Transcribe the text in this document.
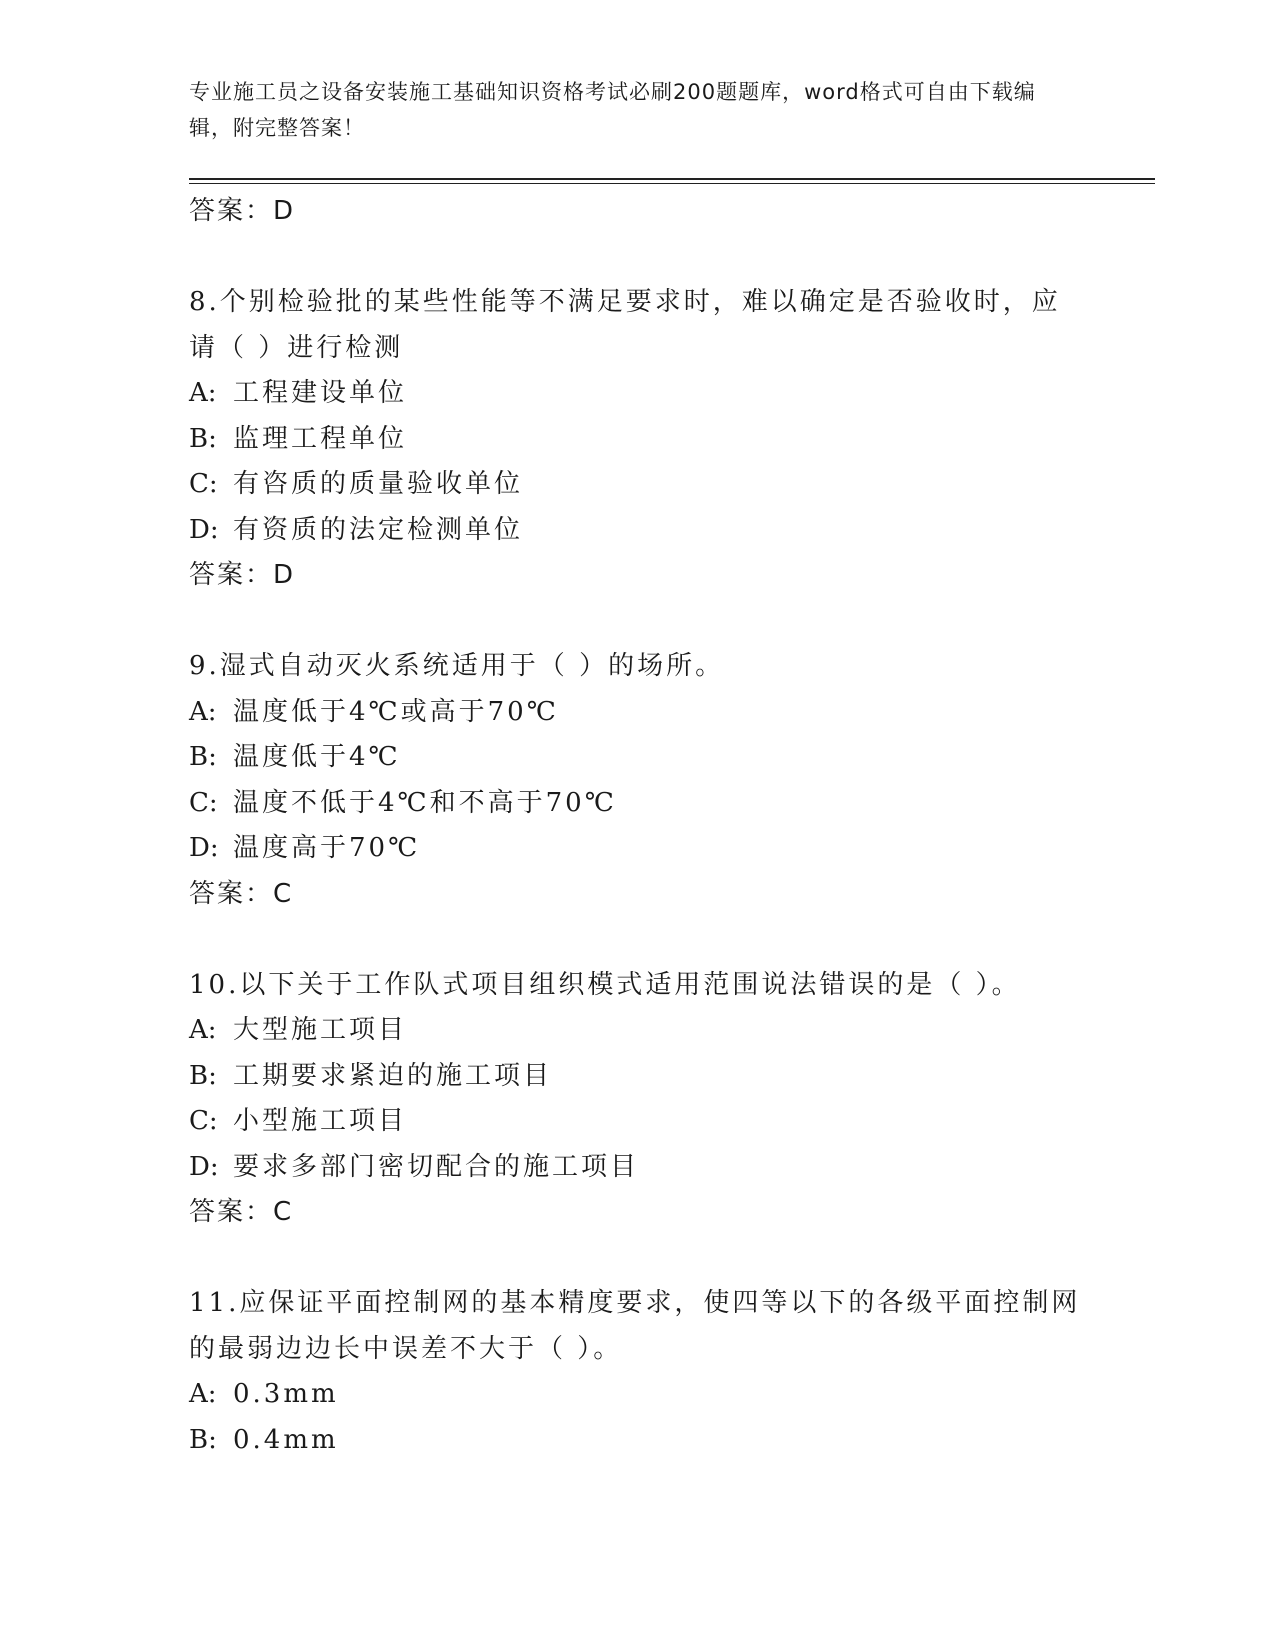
专业施工员之设备安装施工基础知识资格考试必刷200题题库，word格式可自由下载编辑，附完整答案！
答案：D
8.个别检验批的某些性能等不满足要求时，难以确定是否验收时，应
请（ ）进行检测
A: 工程建设单位
B: 监理工程单位
C: 有咨质的质量验收单位
D: 有资质的法定检测单位
答案：D
9.湿式自动灭火系统适用于（ ）的场所。
A: 温度低于4℃或高于70℃
B: 温度低于4℃
C: 温度不低于4℃和不高于70℃
D: 温度高于70℃
答案：C
10.以下关于工作队式项目组织模式适用范围说法错误的是（ ）。
A: 大型施工项目
B: 工期要求紧迫的施工项目
C: 小型施工项目
D: 要求多部门密切配合的施工项目
答案：C
11.应保证平面控制网的基本精度要求，使四等以下的各级平面控制网
的最弱边边长中误差不大于（ ）。
A: 0.3mm
B: 0.4mm
